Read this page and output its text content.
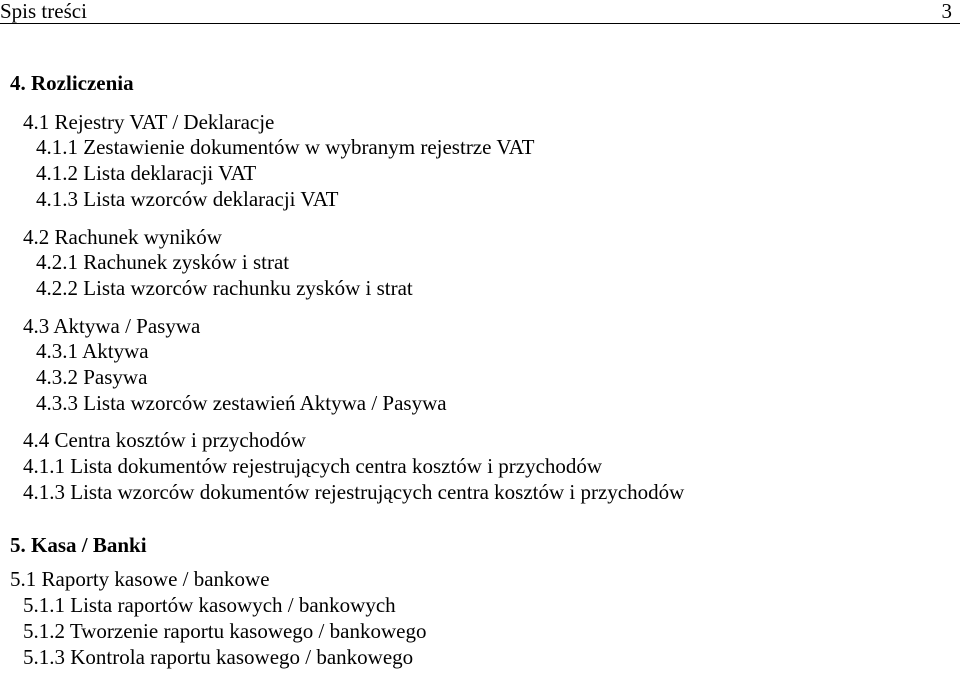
Spis treści	3
4. Rozliczenia
4.1 Rejestry VAT / Deklaracje
4.1.1 Zestawienie dokumentów w wybranym rejestrze VAT
4.1.2 Lista deklaracji VAT
4.1.3 Lista wzorców deklaracji VAT
4.2 Rachunek wyników
4.2.1 Rachunek zysków i strat
4.2.2 Lista wzorców rachunku zysków i strat
4.3 Aktywa / Pasywa
4.3.1 Aktywa
4.3.2 Pasywa
4.3.3 Lista wzorców zestawień Aktywa / Pasywa
4.4 Centra kosztów i przychodów
4.1.1 Lista dokumentów rejestrujących centra kosztów i przychodów
4.1.3 Lista wzorców dokumentów rejestrujących centra kosztów i przychodów
5. Kasa / Banki
5.1 Raporty kasowe / bankowe
5.1.1 Lista raportów kasowych / bankowych
5.1.2 Tworzenie raportu kasowego / bankowego
5.1.3 Kontrola raportu kasowego / bankowego
